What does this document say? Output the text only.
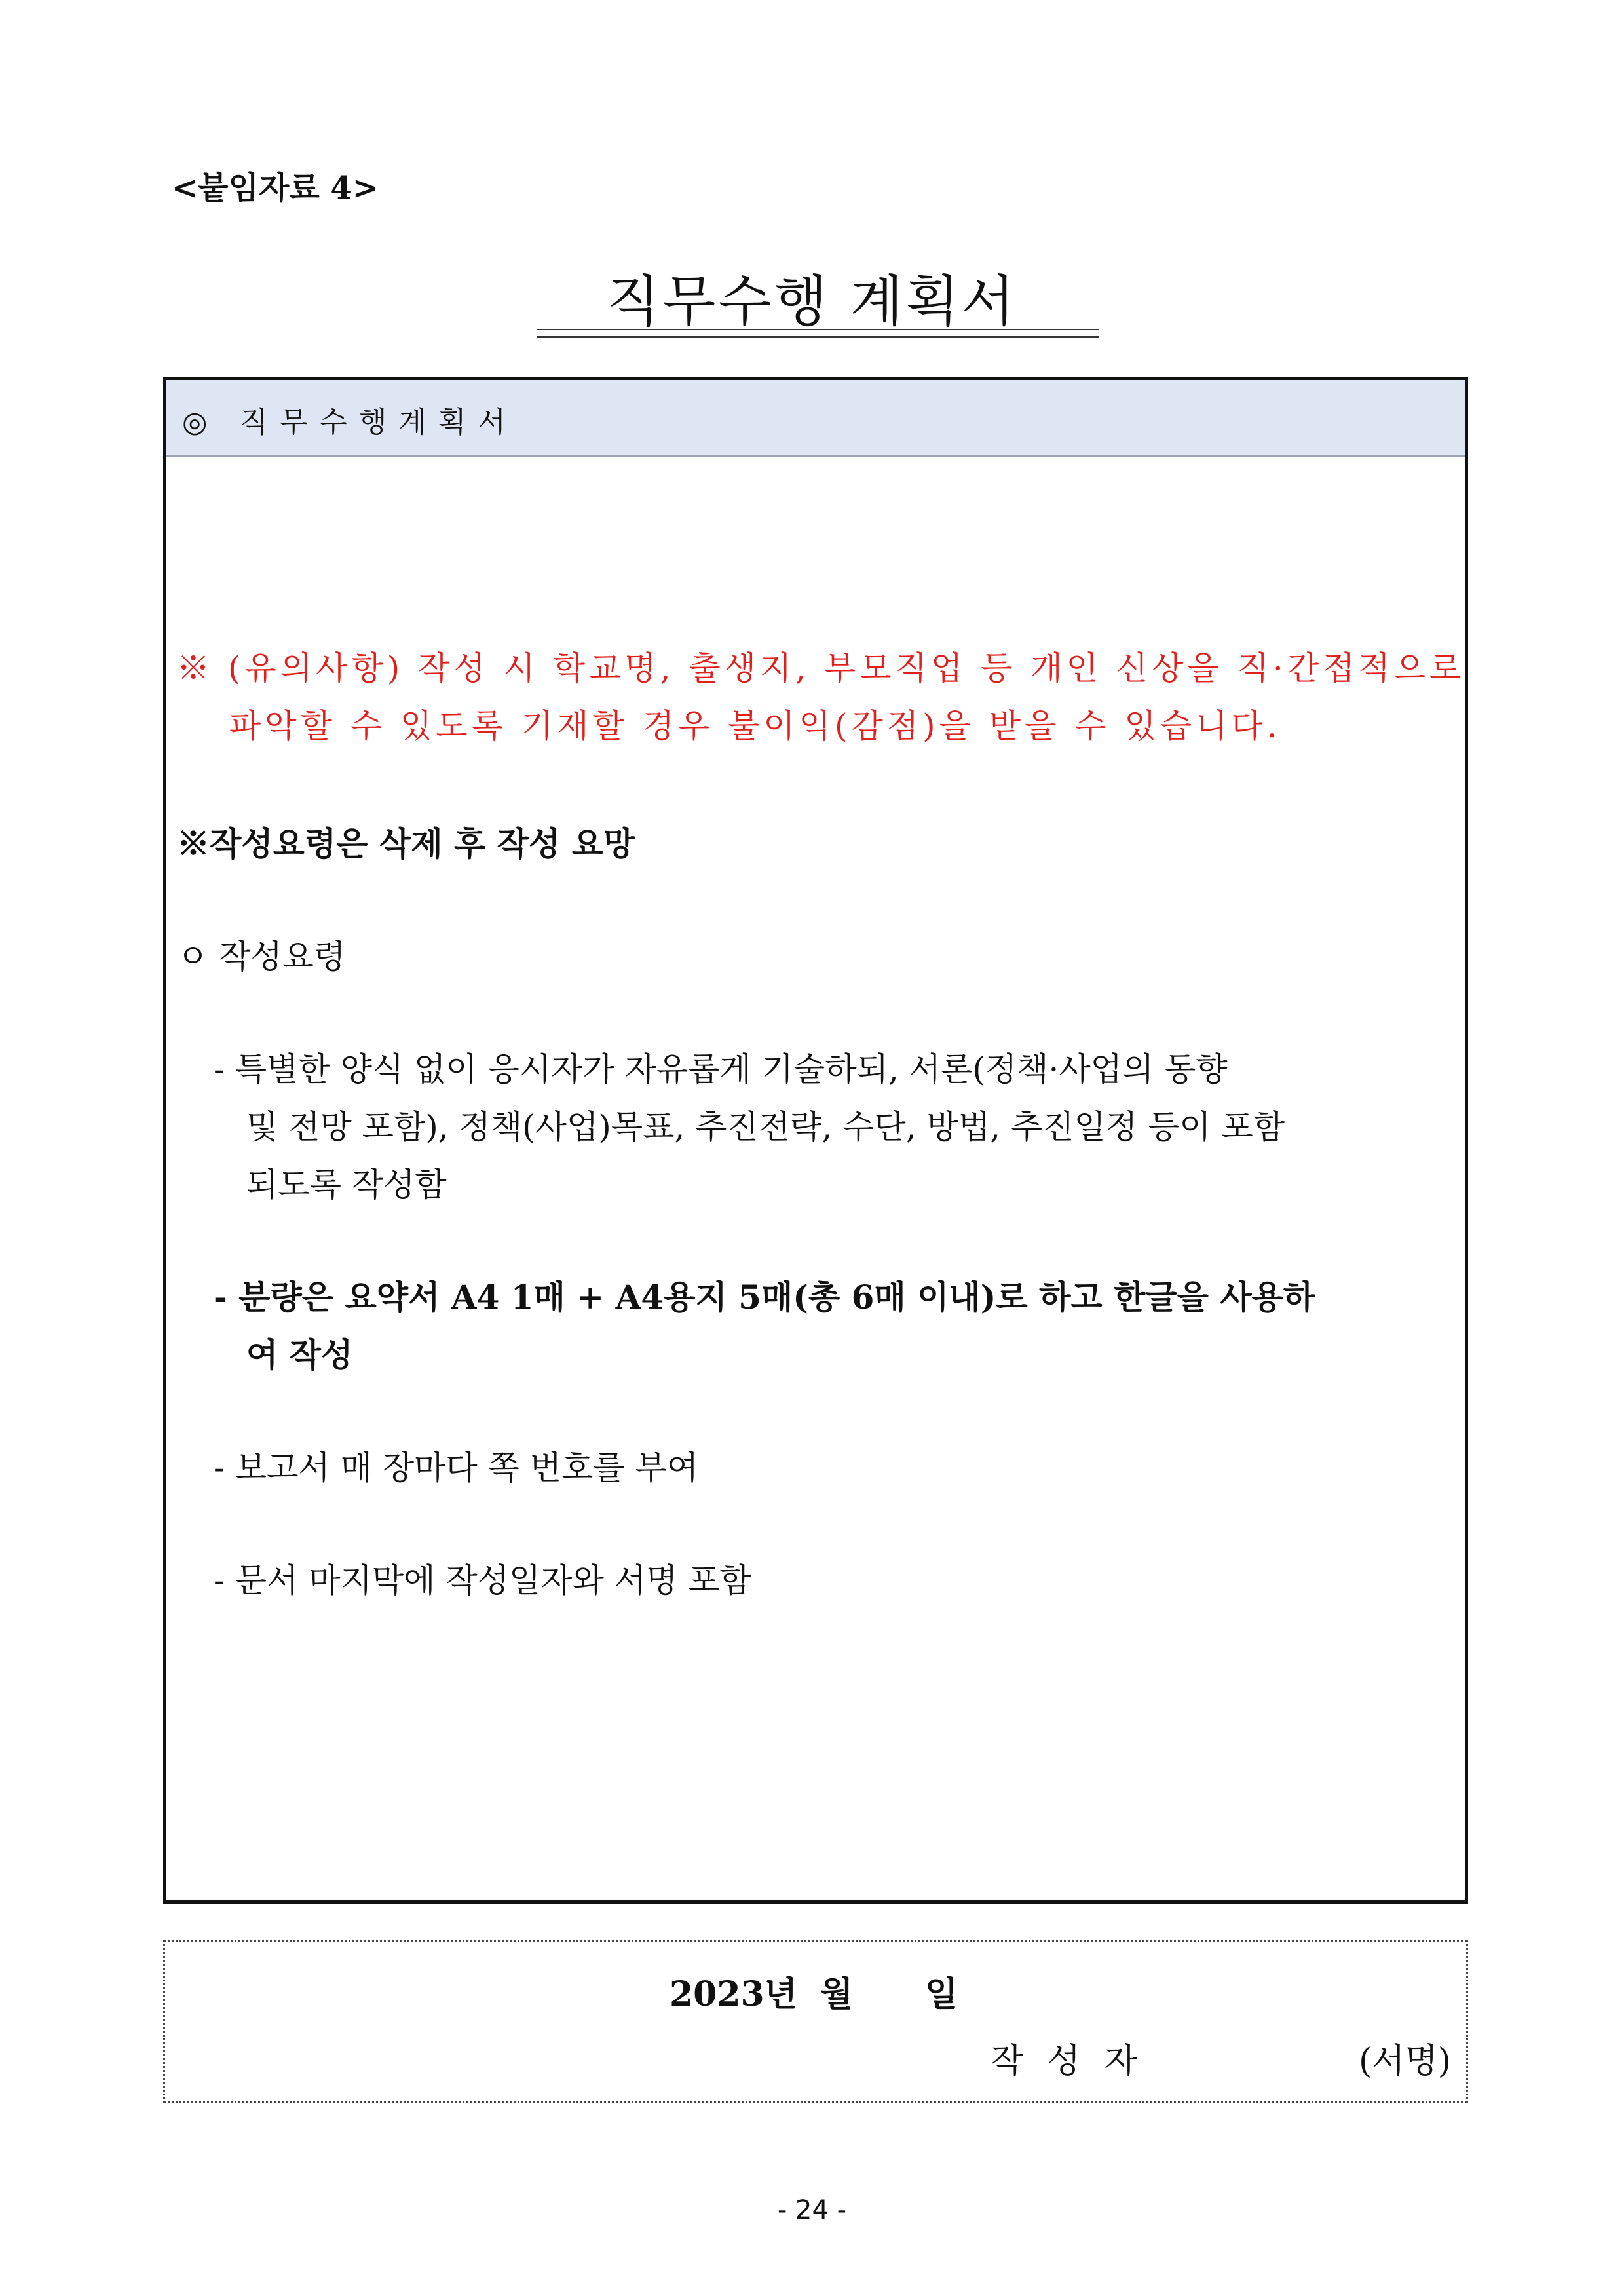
<붙임자료 4>
직무수행 계획서
◎ 직무수행계획서
※ (유의사항) 작성 시 학교명, 출생지, 부모직업 등 개인 신상을 직·간접적으로
파악할 수 있도록 기재할 경우 불이익(감점)을 받을 수 있습니다.
※작성요령은 삭제 후 작성 요망
ㅇ 작성요령
- 특별한 양식 없이 응시자가 자유롭게 기술하되, 서론(정책·사업의 동향
및 전망 포함), 정책(사업)목표, 추진전략, 수단, 방법, 추진일정 등이 포함
되도록 작성함
- 분량은 요약서 A4 1매 + A4용지 5매(총 6매 이내)로 하고 한글을 사용하
여 작성
- 보고서 매 장마다 쪽 번호를 부여
- 문서 마지막에 작성일자와 서명 포함
2023년 월 일
작 성 자	(서명)
- 24 -
